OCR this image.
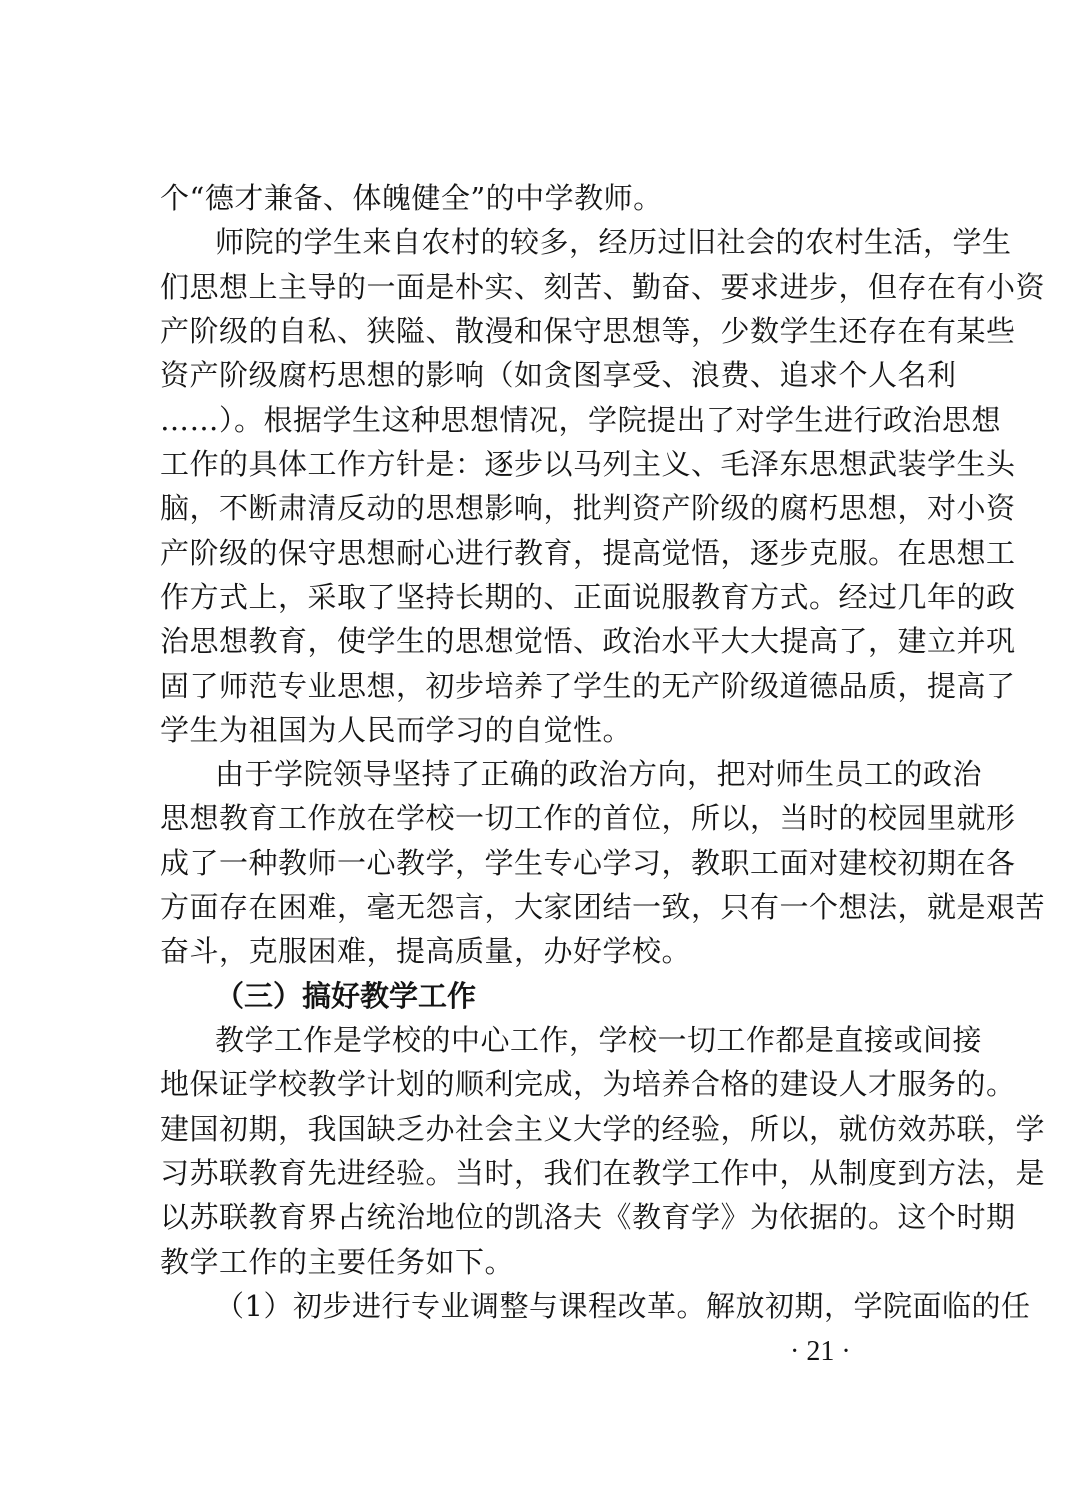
个“德才兼备、体魄健全”的中学教师。
师院的学生来自农村的较多，经历过旧社会的农村生活，学生
们思想上主导的一面是朴实、刻苦、勤奋、要求进步，但存在有小资
产阶级的自私、狭隘、散漫和保守思想等，少数学生还存在有某些
资产阶级腐朽思想的影响（如贪图享受、浪费、追求个人名利
……）。根据学生这种思想情况，学院提出了对学生进行政治思想
工作的具体工作方针是：逐步以马列主义、毛泽东思想武装学生头
脑，不断肃清反动的思想影响，批判资产阶级的腐朽思想，对小资
产阶级的保守思想耐心进行教育，提高觉悟，逐步克服。在思想工
作方式上，采取了坚持长期的、正面说服教育方式。经过几年的政
治思想教育，使学生的思想觉悟、政治水平大大提高了，建立并巩
固了师范专业思想，初步培养了学生的无产阶级道德品质，提高了
学生为祖国为人民而学习的自觉性。
由于学院领导坚持了正确的政治方向，把对师生员工的政治
思想教育工作放在学校一切工作的首位，所以，当时的校园里就形
成了一种教师一心教学，学生专心学习，教职工面对建校初期在各
方面存在困难，毫无怨言，大家团结一致，只有一个想法，就是艰苦
奋斗，克服困难，提高质量，办好学校。
（三）搞好教学工作
教学工作是学校的中心工作，学校一切工作都是直接或间接
地保证学校教学计划的顺利完成，为培养合格的建设人才服务的。
建国初期，我国缺乏办社会主义大学的经验，所以，就仿效苏联，学
习苏联教育先进经验。当时，我们在教学工作中，从制度到方法，是
以苏联教育界占统治地位的凯洛夫《教育学》为依据的。这个时期
教学工作的主要任务如下。
（1）初步进行专业调整与课程改革。解放初期，学院面临的任
· 21 ·
